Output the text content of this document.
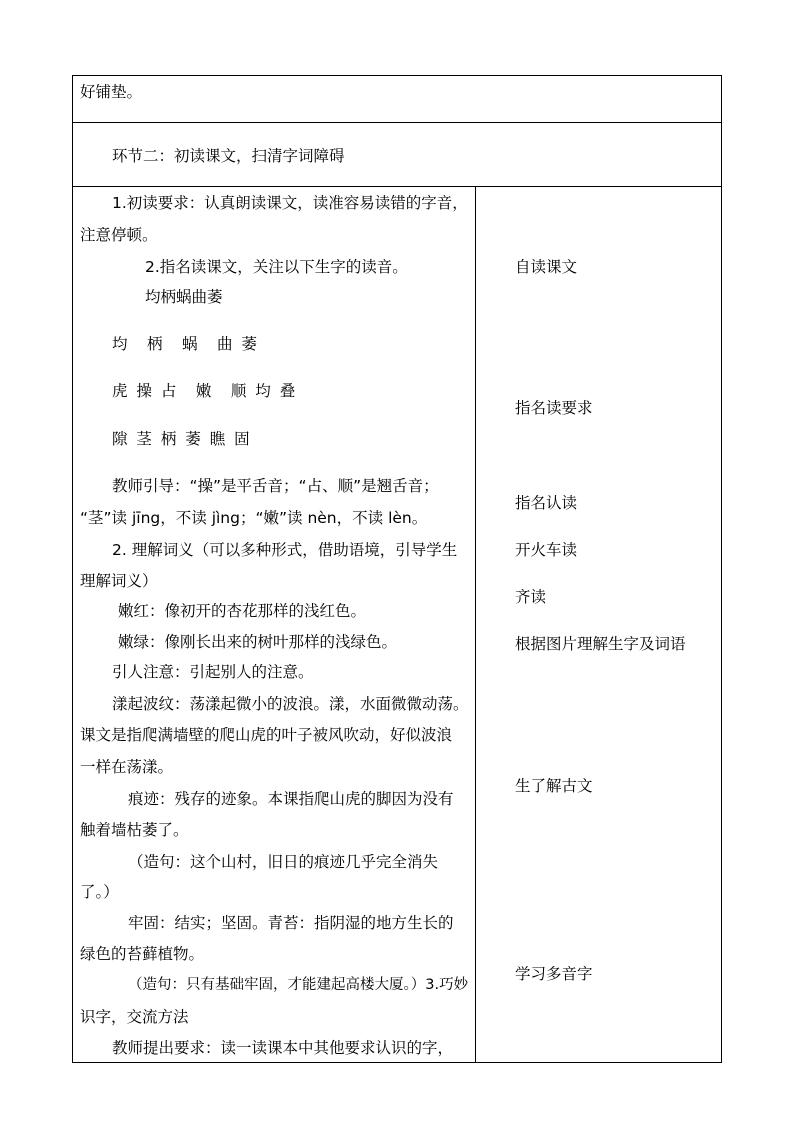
好铺垫。
环节二：初读课文，扫清字词障碍
1.初读要求：认真朗读课文，读准容易读错的字音，
注意停顿。
2.指名读课文，关注以下生字的读音。
均柄蜗曲萎
均　柄　蜗　曲 萎
虎 操 占　嫩　顺 均 叠
隙 茎 柄 萎 瞧 固
教师引导：“操”是平舌音；“占、顺”是翘舌音；
“茎”读 jīng，不读 jìng；“嫩”读 nèn，不读 lèn。
2. 理解词义（可以多种形式，借助语境，引导学生
理解词义）
嫩红：像初开的杏花那样的浅红色。
嫩绿：像刚长出来的树叶那样的浅绿色。
引人注意：引起别人的注意。
漾起波纹：荡漾起微小的波浪。漾，水面微微动荡。
课文是指爬满墙壁的爬山虎的叶子被风吹动，好似波浪
一样在荡漾。
痕迹：残存的迹象。本课指爬山虎的脚因为没有
触着墙枯萎了。
（造句：这个山村，旧日的痕迹几乎完全消失
了。）
牢固：结实；坚固。青苔：指阴湿的地方生长的
绿色的苔藓植物。
（造句：只有基础牢固，才能建起高楼大厦。）3.巧妙
识字，交流方法
教师提出要求：读一读课本中其他要求认识的字，
自读课文
指名读要求
指名认读
开火车读
齐读
根据图片理解生字及词语
生了解古文
学习多音字
